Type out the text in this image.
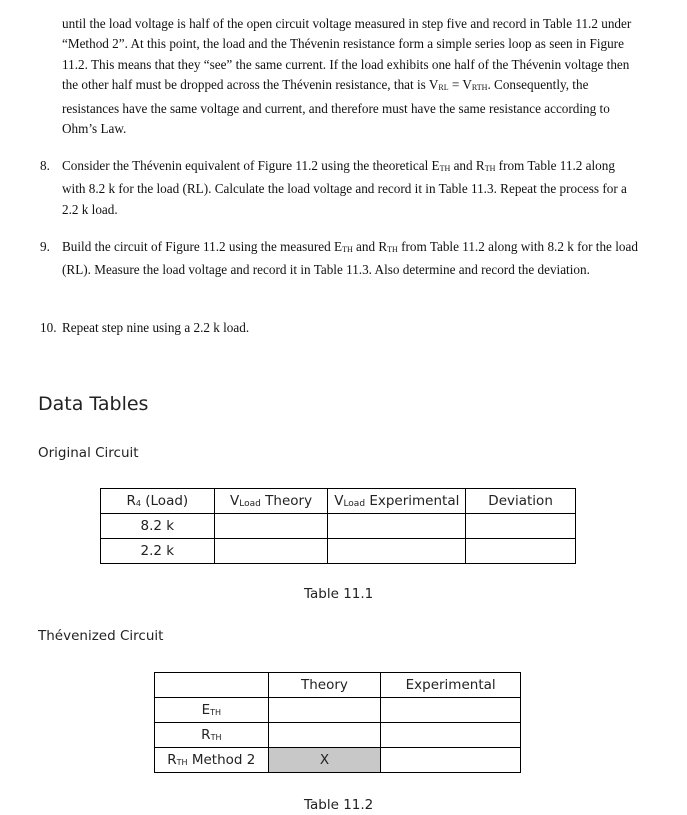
until the load voltage is half of the open circuit voltage measured in step five and record in Table 11.2 under “Method 2”. At this point, the load and the Thévenin resistance form a simple series loop as seen in Figure 11.2. This means that they “see” the same current. If the load exhibits one half of the Thévenin voltage then the other half must be dropped across the Thévenin resistance, that is $V_{RL} = V_{RTH}$. Consequently, the resistances have the same voltage and current, and therefore must have the same resistance according to Ohm’s Law.
8. Consider the Thévenin equivalent of Figure 11.2 using the theoretical $E_{TH}$ and $R_{TH}$ from Table 11.2 along with 8.2 k for the load (RL). Calculate the load voltage and record it in Table 11.3. Repeat the process for a 2.2 k load.
9. Build the circuit of Figure 11.2 using the measured $E_{TH}$ and $R_{TH}$ from Table 11.2 along with 8.2 k for the load (RL). Measure the load voltage and record it in Table 11.3. Also determine and record the deviation.
10. Repeat step nine using a 2.2 k load.
Data Tables
Original Circuit
$R_4$ (Load)	$V_{Load}$ Theory	$V_{Load}$ Experimental	Deviation
8.2 k			
2.2 k			
Table 11.1
Thévenized Circuit
	Theory	Experimental
$E_{TH}$		
$R_{TH}$		
$R_{TH}$ Method 2	X	
Table 11.2
